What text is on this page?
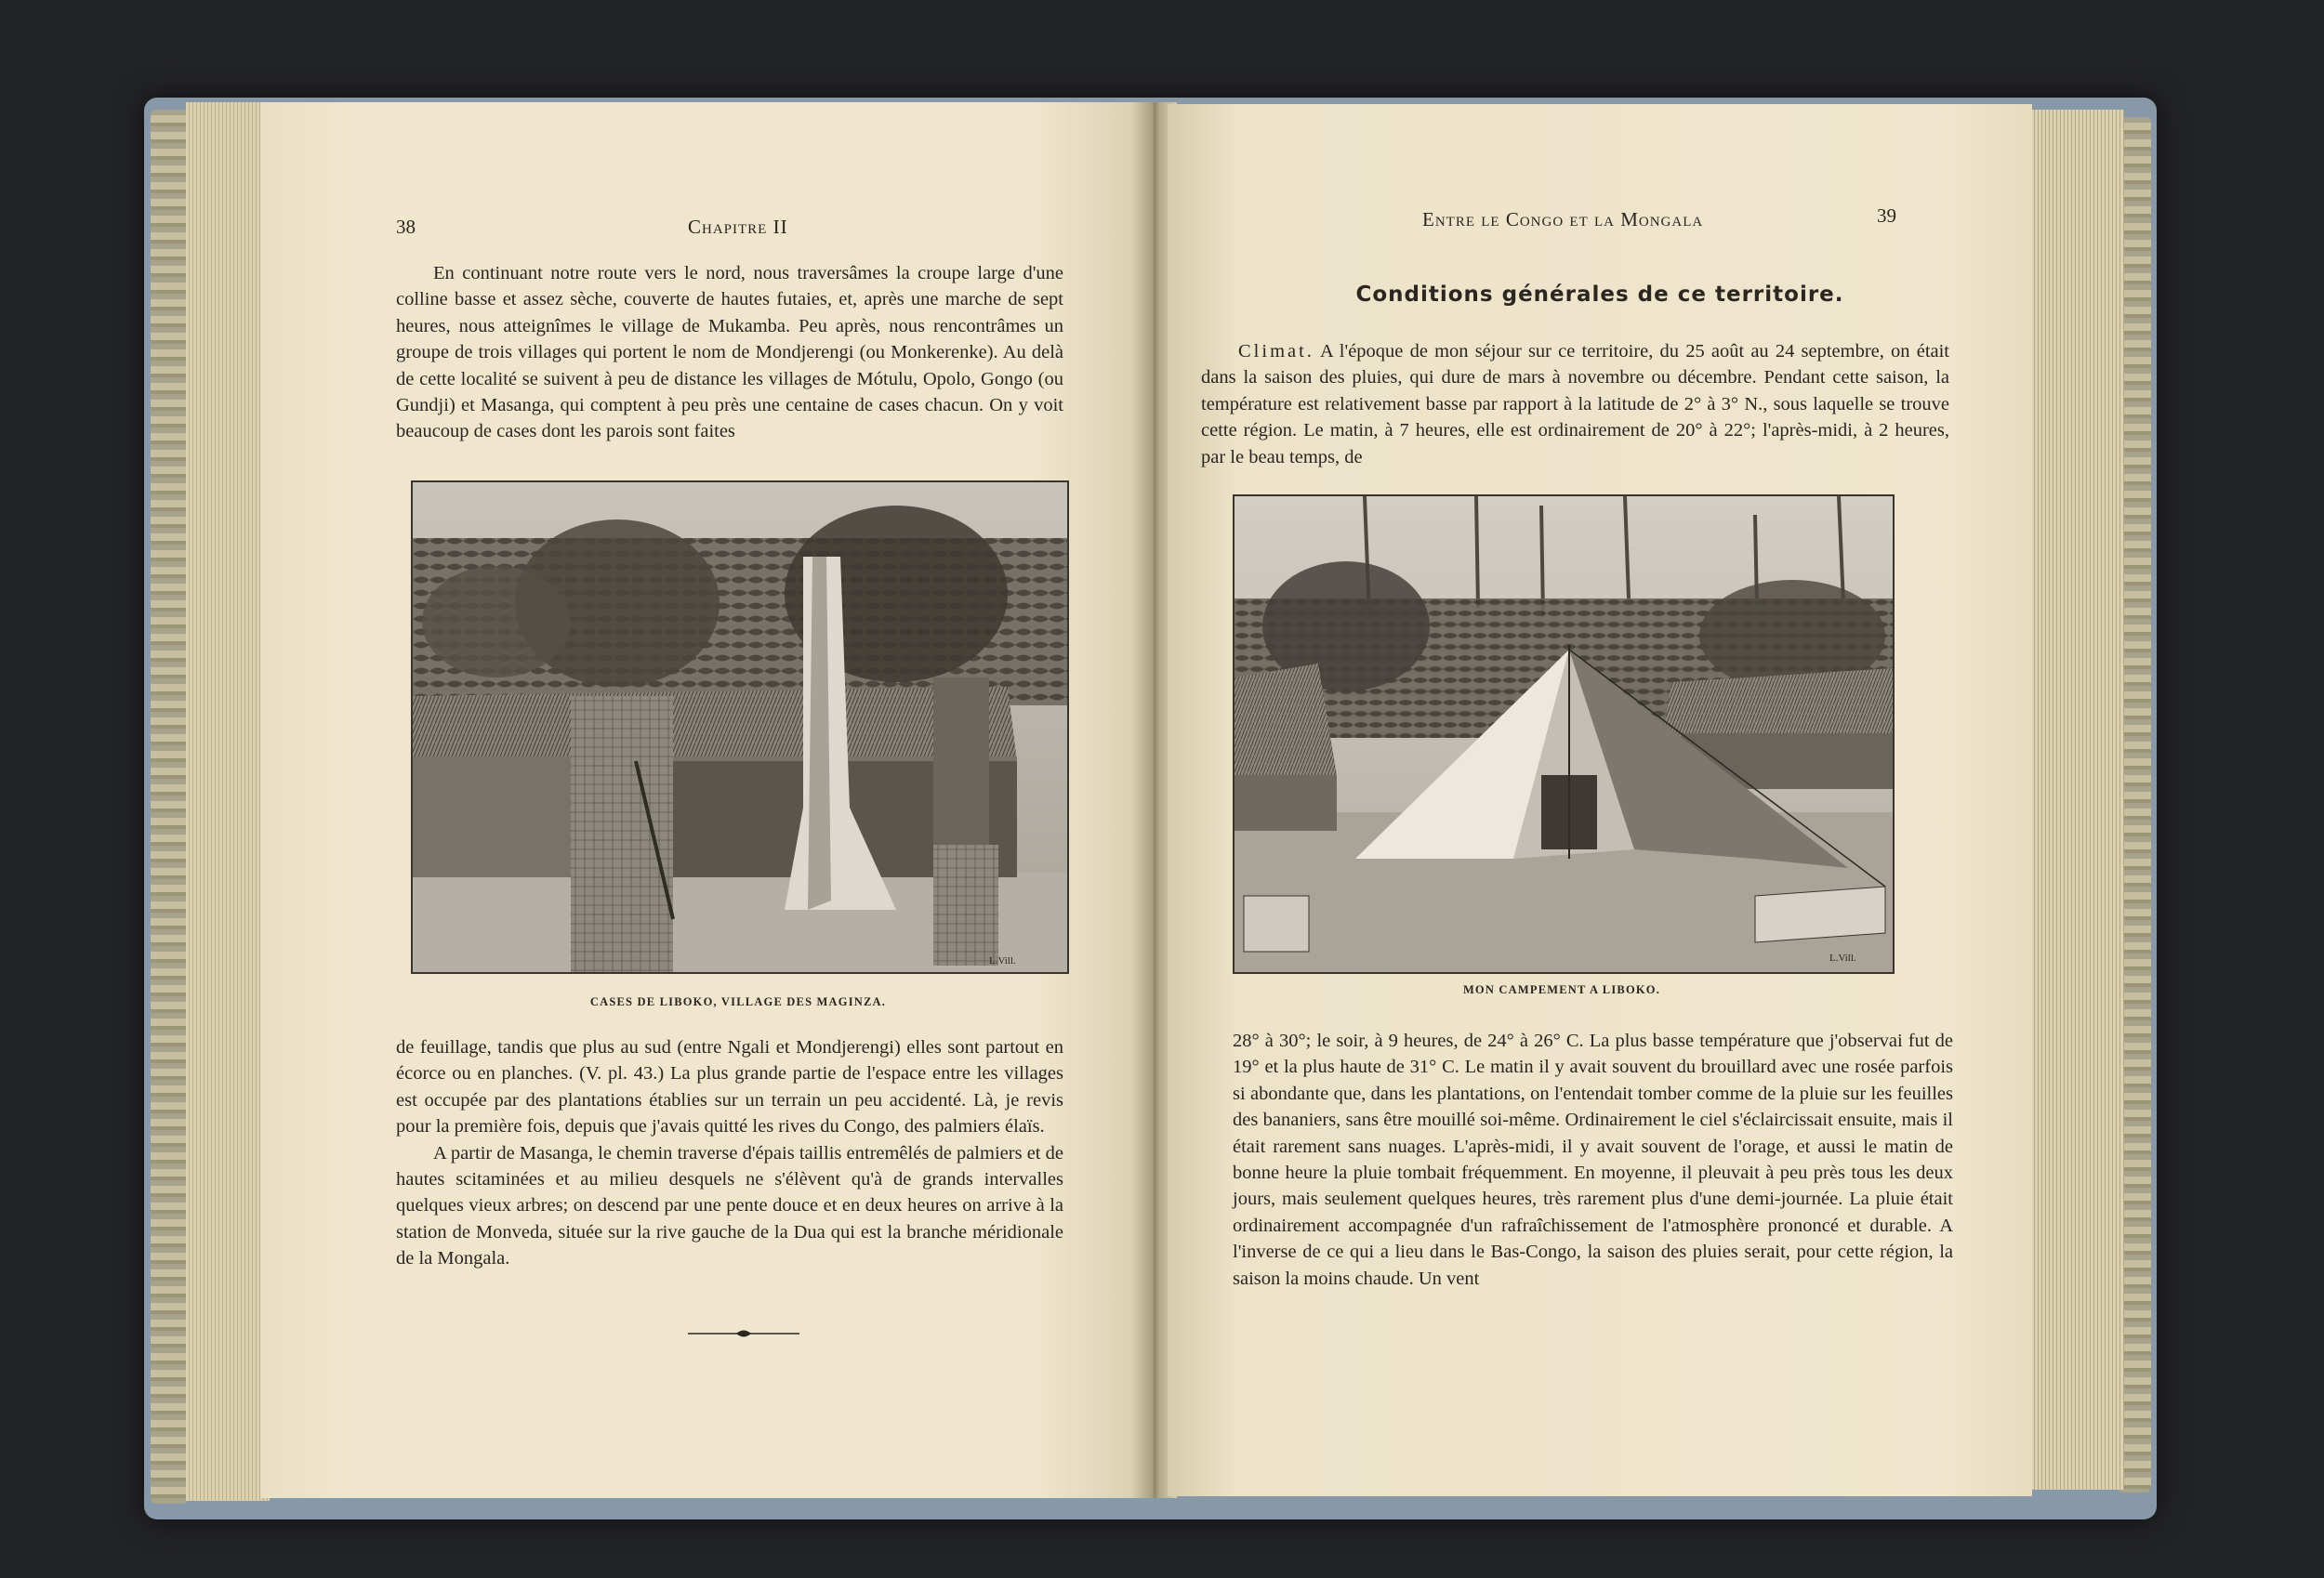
38	Chapitre II

En continuant notre route vers le nord, nous traversâmes la croupe large d'une colline basse et assez sèche, couverte de hautes futaies, et, après une marche de sept heures, nous atteignîmes le village de Mukamba. Peu après, nous rencontrâmes un groupe de trois villages qui portent le nom de Mondjerengi (ou Monkerenke). Au delà de cette localité se suivent à peu de distance les villages de Mótulu, Opolo, Gongo (ou Gundji) et Masanga, qui comptent à peu près une centaine de cases chacun. On y voit beaucoup de cases dont les parois sont faites

L.Vill.
CASES DE LIBOKO, VILLAGE DES MAGINZA.

de feuillage, tandis que plus au sud (entre Ngali et Mondjerengi) elles sont partout en écorce ou en planches. (V. pl. 43.) La plus grande partie de l'espace entre les villages est occupée par des plantations établies sur un terrain un peu accidenté. Là, je revis pour la première fois, depuis que j'avais quitté les rives du Congo, des palmiers élaïs.

A partir de Masanga, le chemin traverse d'épais taillis entremêlés de palmiers et de hautes scitaminées et au milieu desquels ne s'élèvent qu'à de grands intervalles quelques vieux arbres; on descend par une pente douce et en deux heures on arrive à la station de Monveda, située sur la rive gauche de la Dua qui est la branche méridionale de la Mongala.

Entre le Congo et la Mongala	39
Conditions générales de ce territoire.

Climat. A l'époque de mon séjour sur ce territoire, du 25 août au 24 septembre, on était dans la saison des pluies, qui dure de mars à novembre ou décembre. Pendant cette saison, la température est relativement basse par rapport à la latitude de 2° à 3° N., sous laquelle se trouve cette région. Le matin, à 7 heures, elle est ordinairement de 20° à 22°; l'après-midi, à 2 heures, par le beau temps, de

L.Vill.
MON CAMPEMENT A LIBOKO.

28° à 30°; le soir, à 9 heures, de 24° à 26° C. La plus basse température que j'observai fut de 19° et la plus haute de 31° C. Le matin il y avait souvent du brouillard avec une rosée parfois si abondante que, dans les plantations, on l'entendait tomber comme de la pluie sur les feuilles des bananiers, sans être mouillé soi-même. Ordinairement le ciel s'éclaircissait ensuite, mais il était rarement sans nuages. L'après-midi, il y avait souvent de l'orage, et aussi le matin de bonne heure la pluie tombait fréquemment. En moyenne, il pleuvait à peu près tous les deux jours, mais seulement quelques heures, très rarement plus d'une demi-journée. La pluie était ordinairement accompagnée d'un rafraîchissement de l'atmosphère prononcé et durable. A l'inverse de ce qui a lieu dans le Bas-Congo, la saison des pluies serait, pour cette région, la saison la moins chaude. Un vent
